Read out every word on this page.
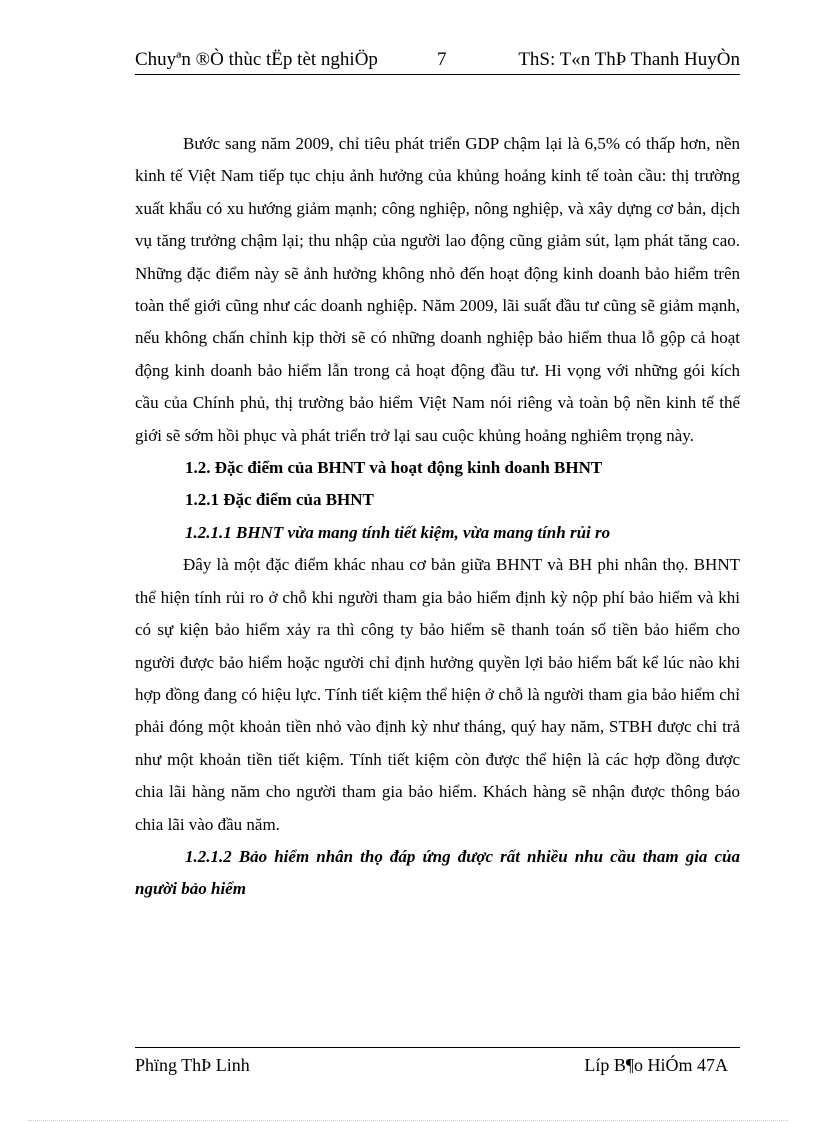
Chuyªn ®Ò thùc tËp tèt nghiÖp	7	ThS: T«n ThÞ Thanh HuyÒn

Bước sang năm 2009, chỉ tiêu phát triển GDP chậm lại là 6,5% có thấp hơn, nền kinh tế Việt Nam tiếp tục chịu ảnh hưởng của khủng hoảng kinh tế toàn cầu: thị trường xuất khẩu có xu hướng giảm mạnh; công nghiệp, nông nghiệp, và xây dựng cơ bản, dịch vụ tăng trưởng chậm lại; thu nhập của người lao động cũng giảm sút, lạm phát tăng cao. Những đặc điểm này sẽ ảnh hưởng không nhỏ đến hoạt động kinh doanh bảo hiểm trên toàn thế giới cũng như các doanh nghiệp. Năm 2009, lãi suất đầu tư cũng sẽ giảm mạnh, nếu không chấn chỉnh kịp thời sẽ có những doanh nghiệp bảo hiểm thua lỗ gộp cả hoạt động kinh doanh bảo hiểm lẫn trong cả hoạt động đầu tư. Hi vọng với những gói kích cầu của Chính phủ, thị trường bảo hiểm Việt Nam nói riêng và toàn bộ nền kinh tế thế giới sẽ sớm hồi phục và phát triển trở lại sau cuộc khủng hoảng nghiêm trọng này.

1.2. Đặc điểm của BHNT và hoạt động kinh doanh BHNT

1.2.1 Đặc điểm của BHNT

1.2.1.1 BHNT vừa mang tính tiết kiệm, vừa mang tính rủi ro

Đây là một đặc điểm khác nhau cơ bản giữa BHNT và BH phi nhân thọ. BHNT thể hiện tính rủi ro ở chỗ khi người tham gia bảo hiểm định kỳ nộp phí bảo hiểm và khi có sự kiện bảo hiểm xảy ra thì công ty bảo hiểm sẽ thanh toán số tiền bảo hiểm cho người được bảo hiểm hoặc người chỉ định hưởng quyền lợi bảo hiểm bất kể lúc nào khi hợp đồng đang có hiệu lực. Tính tiết kiệm thể hiện ở chỗ là người tham gia bảo hiểm chỉ phải đóng một khoản tiền nhỏ vào định kỳ như tháng, quý hay năm, STBH được chi trả như một khoản tiền tiết kiệm. Tính tiết kiệm còn được thể hiện là các hợp đồng được chia lãi hàng năm cho người tham gia bảo hiểm. Khách hàng sẽ nhận được thông báo chia lãi vào đầu năm.

1.2.1.2 Bảo hiểm nhân thọ đáp ứng được rất nhiều nhu cầu tham gia của người bảo hiểm

Phïng ThÞ Linh	Líp B¶o HiÓm 47A
